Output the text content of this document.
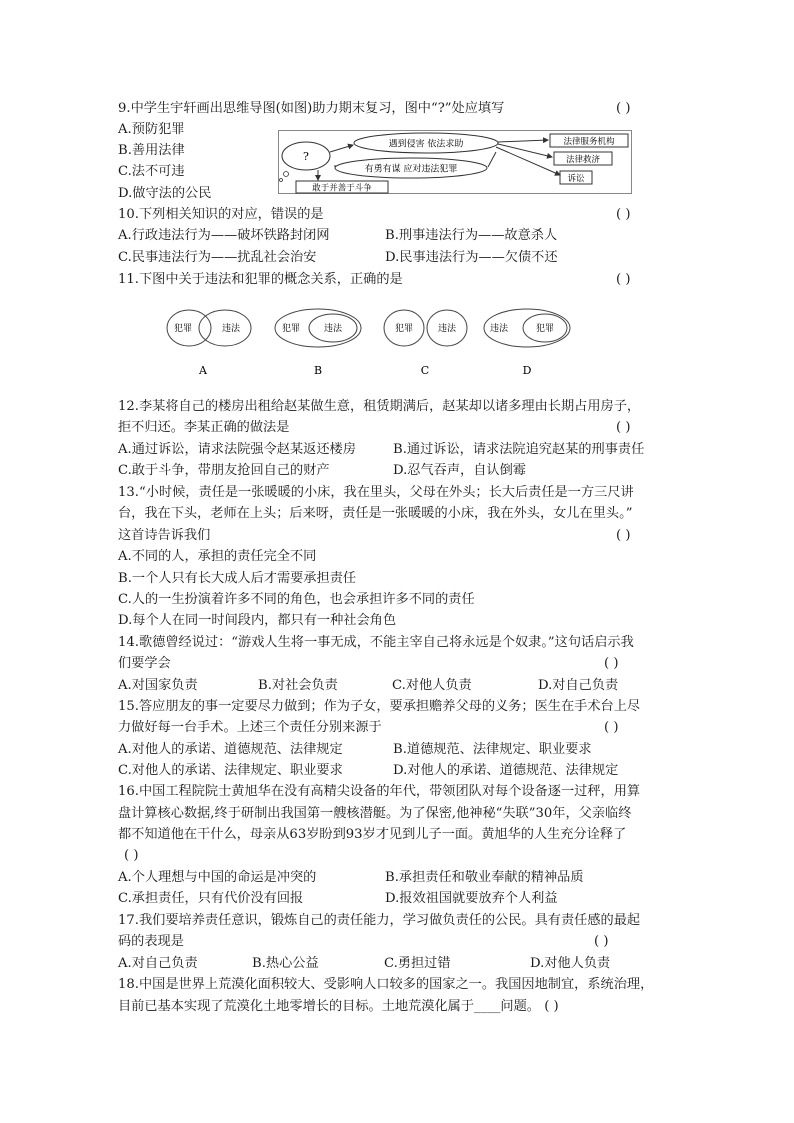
9.中学生宇轩画出思维导图(如图)助力期末复习，图中“?”处应填写	( )
A.预防犯罪
B.善用法律
C.法不可违
D.做守法的公民
?
遇到侵害 依法求助
有勇有谋 应对违法犯罪
敢于并善于斗争
法律服务机构
法律救济
诉讼
10.下列相关知识的对应，错误的是	( )
A.行政违法行为——破坏铁路封闭网	B.刑事违法行为——故意杀人
C.民事违法行为——扰乱社会治安	D.民事违法行为——欠债不还
11.下图中关于违法和犯罪的概念关系，正确的是	( )
犯罪	违法
A
犯罪	违法
B
犯罪	违法
C
违法	犯罪
D
12.李某将自己的楼房出租给赵某做生意，租赁期满后，赵某却以诸多理由长期占用房子，
拒不归还。李某正确的做法是	( )
A.通过诉讼，请求法院强令赵某返还楼房	B.通过诉讼，请求法院追究赵某的刑事责任
C.敢于斗争，带朋友抢回自己的财产	D.忍气吞声，自认倒霉
13.“小时候，责任是一张暖暖的小床，我在里头，父母在外头；长大后责任是一方三尺讲
台，我在下头，老师在上头；后来呀，责任是一张暖暖的小床，我在外头，女儿在里头。”
这首诗告诉我们	( )
A.不同的人，承担的责任完全不同
B.一个人只有长大成人后才需要承担责任
C.人的一生扮演着许多不同的角色，也会承担许多不同的责任
D.每个人在同一时间段内，都只有一种社会角色
14.歌德曾经说过：“游戏人生将一事无成，不能主宰自己将永远是个奴隶。”这句话启示我
们要学会	( )
A.对国家负责	B.对社会负责	C.对他人负责	D.对自己负责
15.答应朋友的事一定要尽力做到；作为子女，要承担赡养父母的义务；医生在手术台上尽
力做好每一台手术。上述三个责任分别来源于	( )
A.对他人的承诺、道德规范、法律规定	B.道德规范、法律规定、职业要求
C.对他人的承诺、法律规定、职业要求	D.对他人的承诺、道德规范、法律规定
16.中国工程院院士黄旭华在没有高精尖设备的年代，带领团队对每个设备逐一过秤，用算
盘计算核心数据,终于研制出我国第一艘核潜艇。为了保密,他神秘“失联”30年，父亲临终
都不知道他在干什么，母亲从63岁盼到93岁才见到儿子一面。黄旭华的人生充分诠释了
( )
A.个人理想与中国的命运是冲突的	B.承担责任和敬业奉献的精神品质
C.承担责任，只有代价没有回报	D.报效祖国就要放弃个人利益
17.我们要培养责任意识，锻炼自己的责任能力，学习做负责任的公民。具有责任感的最起
码的表现是	( )
A.对自己负责	B.热心公益	C.勇担过错	D.对他人负责
18.中国是世界上荒漠化面积较大、受影响人口较多的国家之一。我国因地制宜，系统治理，
目前已基本实现了荒漠化土地零增长的目标。土地荒漠化属于____问题。 ( )
